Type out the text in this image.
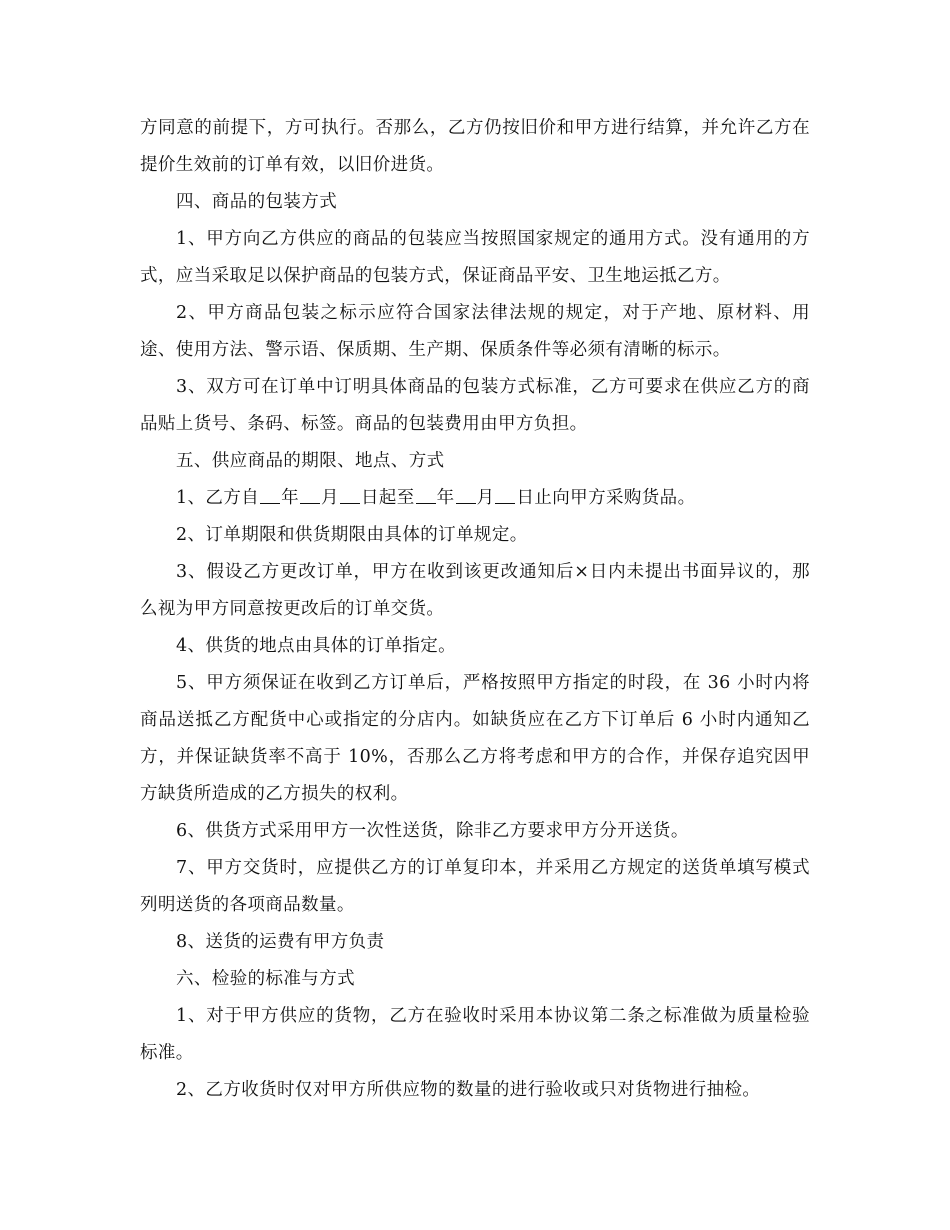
方同意的前提下，方可执行。否那么，乙方仍按旧价和甲方进行结算，并允许乙方在提价生效前的订单有效，以旧价进货。

四、商品的包装方式

1、甲方向乙方供应的商品的包装应当按照国家规定的通用方式。没有通用的方式，应当采取足以保护商品的包装方式，保证商品平安、卫生地运抵乙方。

2、甲方商品包装之标示应符合国家法律法规的规定，对于产地、原材料、用途、使用方法、警示语、保质期、生产期、保质条件等必须有清晰的标示。

3、双方可在订单中订明具体商品的包装方式标准，乙方可要求在供应乙方的商品贴上货号、条码、标签。商品的包装费用由甲方负担。

五、供应商品的期限、地点、方式

1、乙方自 年 月 日起至 年 月 日止向甲方采购货品。

2、订单期限和供货期限由具体的订单规定。

3、假设乙方更改订单，甲方在收到该更改通知后×日内未提出书面异议的，那么视为甲方同意按更改后的订单交货。

4、供货的地点由具体的订单指定。

5、甲方须保证在收到乙方订单后，严格按照甲方指定的时段，在 36 小时内将商品送抵乙方配货中心或指定的分店内。如缺货应在乙方下订单后 6 小时内通知乙方，并保证缺货率不高于 10%，否那么乙方将考虑和甲方的合作，并保存追究因甲方缺货所造成的乙方损失的权利。

6、供货方式采用甲方一次性送货，除非乙方要求甲方分开送货。

7、甲方交货时，应提供乙方的订单复印本，并采用乙方规定的送货单填写模式列明送货的各项商品数量。

8、送货的运费有甲方负责

六、检验的标准与方式

1、对于甲方供应的货物，乙方在验收时采用本协议第二条之标准做为质量检验标准。

2、乙方收货时仅对甲方所供应物的数量的进行验收或只对货物进行抽检。
